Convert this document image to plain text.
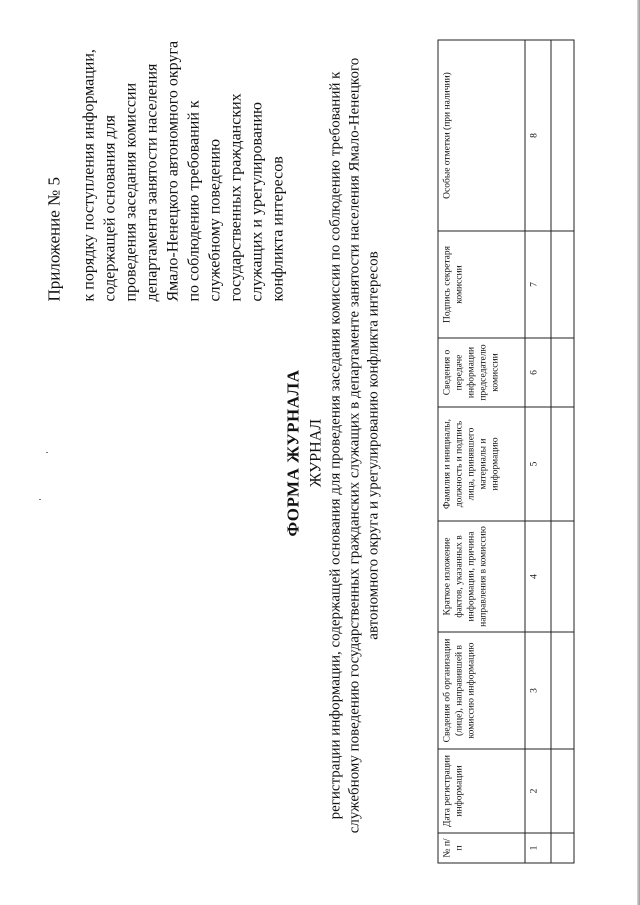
Приложение № 5 к порядку поступления информации, содержащей основания для проведения заседания комиссии департамента занятости населения Ямало-Ненецкого автономного округа по соблюдению требований к служебному поведению государственных гражданских служащих и урегулированию конфликта интересов
ФОРМА ЖУРНАЛА ЖУРНАЛ регистрации информации, содержащей основания для проведения заседания комиссии по соблюдению требований к служебному поведению государственных гражданских служащих в департаменте занятости населения Ямало-Ненецкого автономного округа и урегулированию конфликта интересов
№ п/п	Дата регистрации информации	Сведения об организации (лице), направившей в комиссию информацию	Краткое изложение фактов, указанных в информации, причина направления в комиссию	Фамилия и инициалы, должность и подпись лица, принявшего материалы и информацию	Сведения о передаче информации председателю комиссии	Подпись секретаря комиссии	Особые отметки (при наличии)
1	2	3	4	5	6	7	8
